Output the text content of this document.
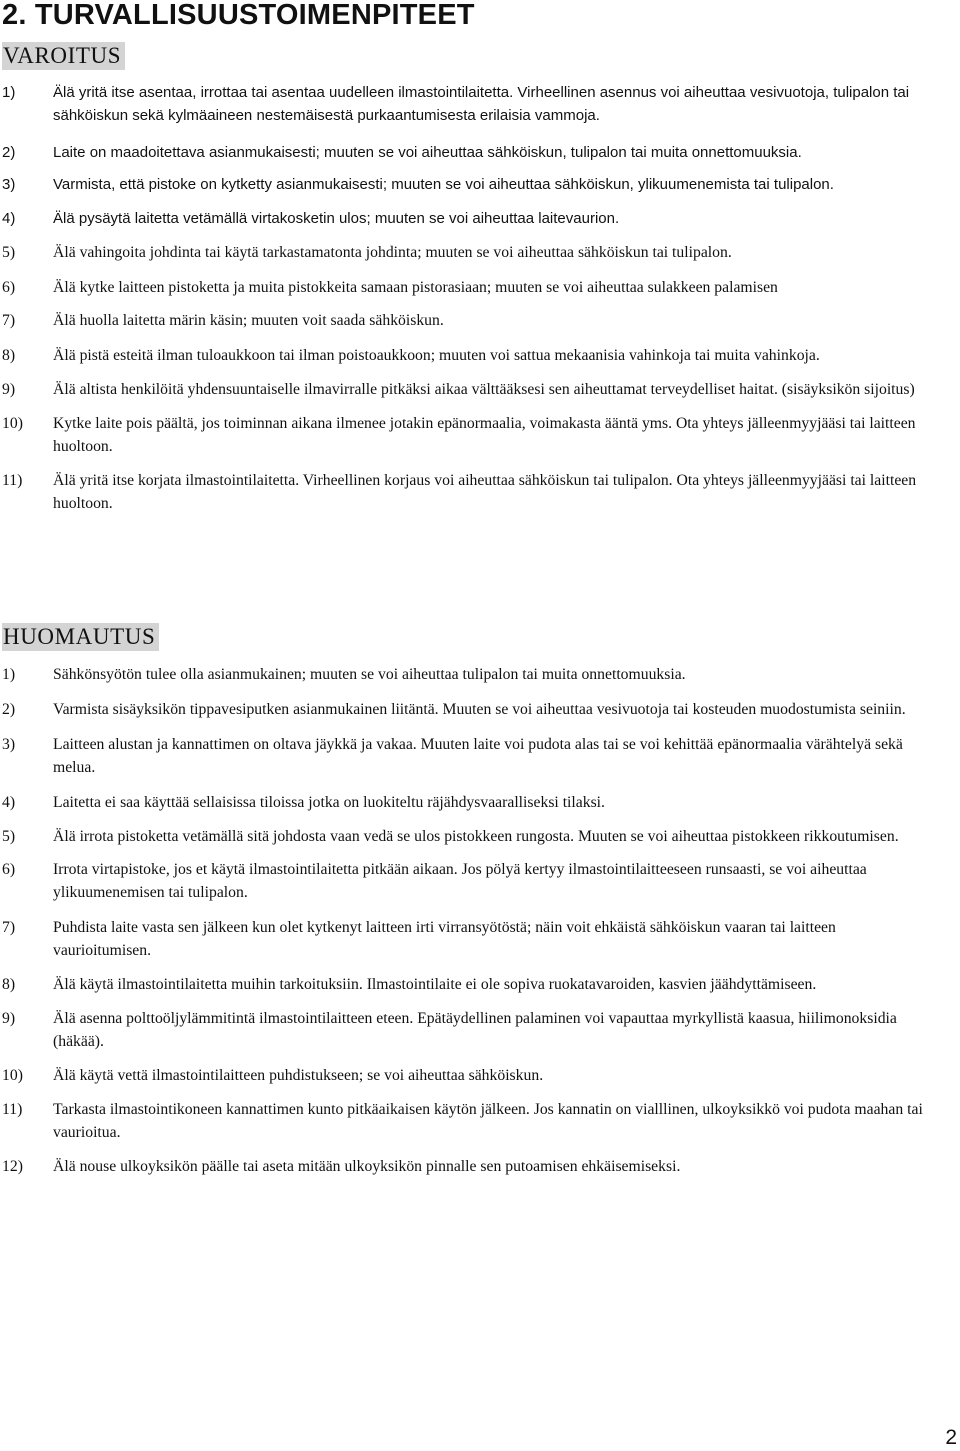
2. TURVALLISUUSTOIMENPITEET
VAROITUS
1)	Älä yritä itse asentaa, irrottaa tai asentaa uudelleen ilmastointilaitetta. Virheellinen asennus voi aiheuttaa vesivuotoja, tulipalon tai sähköiskun sekä kylmäaineen nestemäisestä purkaantumisesta erilaisia vammoja.
2)	Laite on maadoitettava asianmukaisesti; muuten se voi aiheuttaa sähköiskun, tulipalon tai muita onnettomuuksia.
3)	Varmista, että pistoke on kytketty asianmukaisesti; muuten se voi aiheuttaa sähköiskun, ylikuumenemista tai tulipalon.
4)	Älä pysäytä laitetta vetämällä virtakosketin ulos; muuten se voi aiheuttaa laitevaurion.
5) Älä vahingoita johdinta tai käytä tarkastamatonta johdinta; muuten se voi aiheuttaa sähköiskun tai tulipalon.
6) Älä kytke laitteen pistoketta ja muita pistokkeita samaan pistorasiaan; muuten se voi aiheuttaa sulakkeen palamisen
7) Älä huolla laitetta märin käsin; muuten voit saada sähköiskun.
8) Älä pistä esteitä ilman tuloaukkoon tai ilman poistoaukkoon; muuten voi sattua mekaanisia vahinkoja tai muita vahinkoja.
9) Älä altista henkilöitä yhdensuuntaiselle ilmavirralle pitkäksi aikaa välttääksesi sen aiheuttamat terveydelliset haitat. (sisäyksikön sijoitus)
10) Kytke laite pois päältä, jos toiminnan aikana ilmenee jotakin epänormaalia, voimakasta ääntä yms. Ota yhteys jälleenmyyjääsi tai laitteen huoltoon.
11) Älä yritä itse korjata ilmastointilaitetta. Virheellinen korjaus voi aiheuttaa sähköiskun tai tulipalon. Ota yhteys jälleenmyyjääsi tai laitteen huoltoon.
HUOMAUTUS
1) Sähkönsyötön tulee olla asianmukainen; muuten se voi aiheuttaa tulipalon tai muita onnettomuuksia.
2) Varmista sisäyksikön tippavesiputken asianmukainen liitäntä. Muuten se voi aiheuttaa vesivuotoja tai kosteuden muodostumista seiniin.
3) Laitteen alustan ja kannattimen on oltava jäykkä ja vakaa. Muuten laite voi pudota alas tai se voi kehittää epänormaalia värähtelyä sekä melua.
4) Laitetta ei saa käyttää sellaisissa tiloissa jotka on luokiteltu räjähdysvaaralliseksi tilaksi.
5) Älä irrota pistoketta vetämällä sitä johdosta vaan vedä se ulos pistokkeen rungosta. Muuten se voi aiheuttaa pistokkeen rikkoutumisen.
6) Irrota virtapistoke, jos et käytä ilmastointilaitetta pitkään aikaan. Jos pölyä kertyy ilmastointilaitteeseen runsaasti, se voi aiheuttaa ylikuumenemisen tai tulipalon.
7) Puhdista laite vasta sen jälkeen kun olet kytkenyt laitteen irti virransyötöstä; näin voit ehkäistä sähköiskun vaaran tai laitteen vaurioitumisen.
8) Älä käytä ilmastointilaitetta muihin tarkoituksiin. Ilmastointilaite ei ole sopiva ruokatavaroiden, kasvien jäähdyttämiseen.
9) Älä asenna polttoöljylämmitintä ilmastointilaitteen eteen. Epätäydellinen palaminen voi vapauttaa myrkyllistä kaasua, hiilimonoksidia (häkää).
10) Älä käytä vettä ilmastointilaitteen puhdistukseen; se voi aiheuttaa sähköiskun.
11) Tarkasta ilmastointikoneen kannattimen kunto pitkäaikaisen käytön jälkeen. Jos kannatin on vialllinen, ulkoyksikkö voi pudota maahan tai vaurioitua.
12) Älä nouse ulkoyksikön päälle tai aseta mitään ulkoyksikön pinnalle sen putoamisen ehkäisemiseksi.
2
